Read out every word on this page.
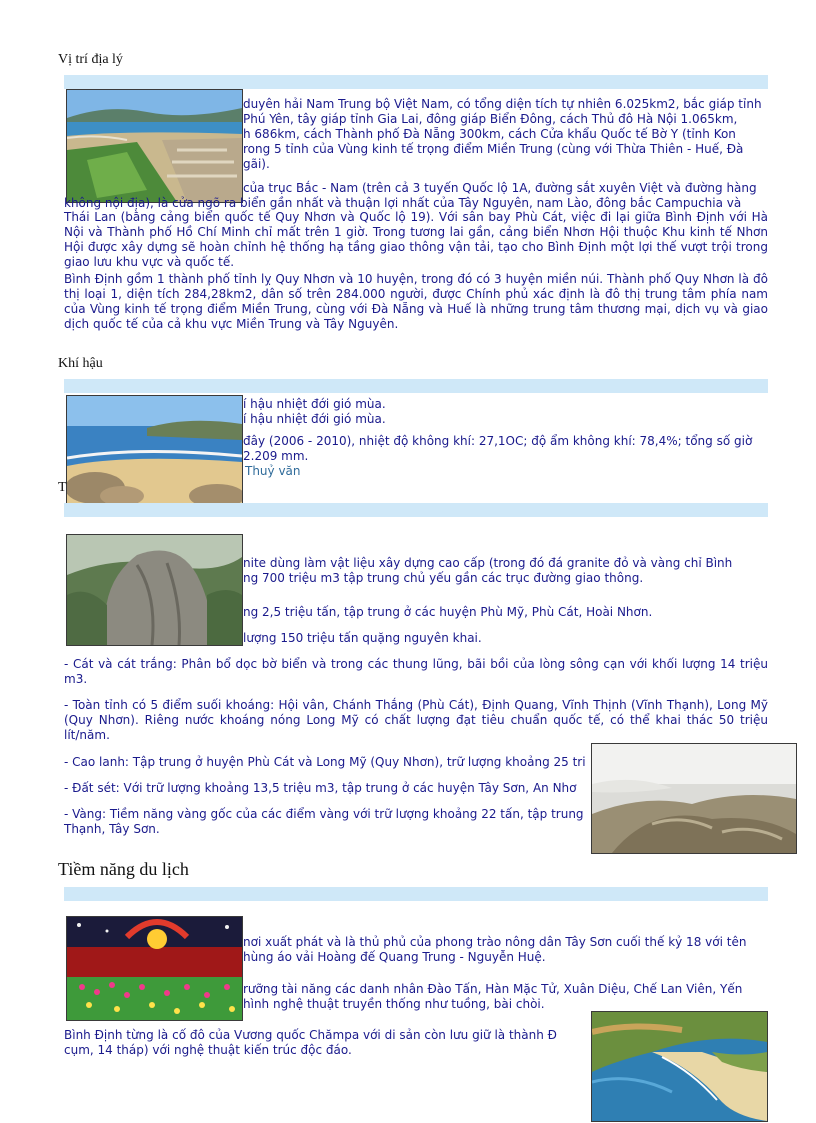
Vị trí địa lý
duyên hải Nam Trung bộ Việt Nam, có tổng diện tích tự nhiên 6.025km2, bắc giáp tỉnh
Phú Yên, tây giáp tỉnh Gia Lai, đông giáp Biển Đông, cách Thủ đô Hà Nội 1.065km,
h 686km, cách Thành phố Đà Nẵng 300km, cách Cửa khẩu Quốc tế Bờ Y (tỉnh Kon
rong 5 tỉnh của Vùng kinh tế trọng điểm Miền Trung (cùng với Thừa Thiên - Huế, Đà
gãi).
của trục Bắc - Nam (trên cả 3 tuyến Quốc lộ 1A, đường sắt xuyên Việt và đường hàng
không nội địa), là cửa ngõ ra biển gần nhất và thuận lợi nhất của Tây Nguyên, nam Lào, đông bắc Campuchia và

Thái Lan (bằng cảng biển quốc tế Quy Nhơn và Quốc lộ 19). Với sân bay Phù Cát, việc đi lại giữa Bình Định với Hà Nội và Thành phố Hồ Chí Minh chỉ mất trên 1 giờ. Trong tương lai gần, cảng biển Nhơn Hội thuộc Khu kinh tế Nhơn Hội được xây dựng sẽ hoàn chỉnh hệ thống hạ tầng giao thông vận tải, tạo cho Bình Định một lợi thế vượt trội trong giao lưu khu vực và quốc tế.

Bình Định gồm 1 thành phố tỉnh lỵ Quy Nhơn và 10 huyện, trong đó có 3 huyện miền núi. Thành phố Quy Nhơn là đô thị loại 1, diện tích 284,28km2, dân số trên 284.000 người, được Chính phủ xác định là đô thị trung tâm phía nam của Vùng kinh tế trọng điểm Miền Trung, cùng với Đà Nẵng và Huế là những trung tâm thương mại, dịch vụ và giao dịch quốc tế của cả khu vực Miền Trung và Tây Nguyên.

Khí hậu
í hậu nhiệt đới gió mùa.
í hậu nhiệt đới gió mùa.
đây (2006 - 2010), nhiệt độ không khí: 27,1OC; độ ẩm không khí: 78,4%; tổng số giờ
2.209 mm.
Thuỷ văn
T
nite dùng làm vật liệu xây dựng cao cấp (trong đó đá granite đỏ và vàng chỉ Bình
ng 700 triệu m3 tập trung chủ yếu gần các trục đường giao thông.
ng 2,5 triệu tấn, tập trung ở các huyện Phù Mỹ, Phù Cát, Hoài Nhơn.
lượng 150 triệu tấn quặng nguyên khai.

- Cát và cát trắng: Phân bổ dọc bờ biển và trong các thung lũng, bãi bồi của lòng sông cạn với khối lượng 14 triệu m3.

- Toàn tỉnh có 5 điểm suối khoáng: Hội vân, Chánh Thắng (Phù Cát), Định Quang, Vĩnh Thịnh (Vĩnh Thạnh), Long Mỹ (Quy Nhơn). Riêng nước khoáng nóng Long Mỹ có chất lượng đạt tiêu chuẩn quốc tế, có thể khai thác 50 triệu lít/năm.

- Cao lanh: Tập trung ở huyện Phù Cát và Long Mỹ (Quy Nhơn), trữ lượng khoảng 25 tri
- Đất sét: Với trữ lượng khoảng 13,5 triệu m3, tập trung ở các huyện Tây Sơn, An Nhơ
- Vàng: Tiềm năng vàng gốc của các điểm vàng với trữ lượng khoảng 22 tấn, tập trung
Thạnh, Tây Sơn.
Tiềm năng du lịch
nơi xuất phát và là thủ phủ của phong trào nông dân Tây Sơn cuối thế kỷ 18 với tên
hùng áo vải Hoàng đế Quang Trung - Nguyễn Huệ.
rưỡng tài năng các danh nhân Đào Tấn, Hàn Mặc Tử, Xuân Diệu, Chế Lan Viên, Yến
hình nghệ thuật truyền thống như tuồng, bài chòi.
Bình Định từng là cố đô của Vương quốc Chămpa với di sản còn lưu giữ là thành Đ
cụm, 14 tháp) với nghệ thuật kiến trúc độc đáo.
